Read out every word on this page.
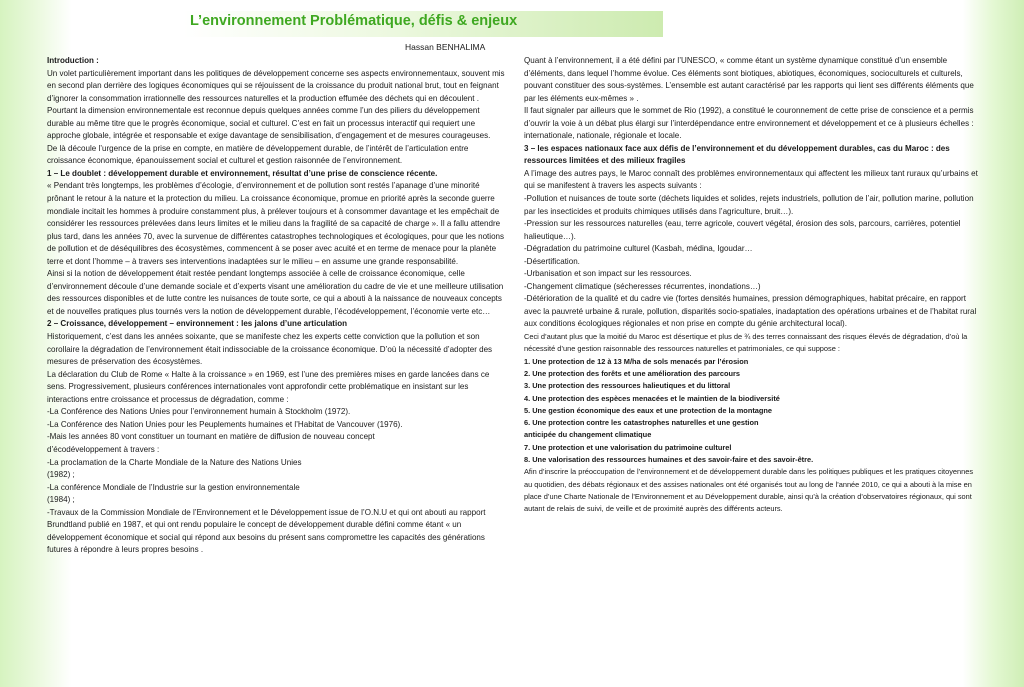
L’environnement Problématique, défis & enjeux
Hassan BENHALIMA

Introduction :

Un volet particulièrement important dans les politiques de développement concerne ses aspects environnementaux, souvent mis en second plan derrière des logiques économiques qui se réjouissent de la croissance du produit national brut, tout en feignant d’ignorer la consommation irrationnelle des ressources naturelles et la production effumée des déchets qui en découlent . Pourtant la dimension environnementale est reconnue depuis quelques années comme l’un des piliers du développement durable au même titre que le progrès économique, social et culturel. C’est en fait un processus interactif qui requiert une approche globale, intégrée et responsable et exige davantage de sensibilisation, d’engagement et de mesures courageuses.

De là découle l’urgence de la prise en compte, en matière de développement durable, de l’intérêt de l’articulation entre croissance économique, épanouissement social et culturel et gestion raisonnée de l’environnement.

1 – Le doublet : développement durable et environnement, résultat d’une prise de conscience récente.

« Pendant très longtemps, les problèmes d’écologie, d’environnement et de pollution sont restés l’apanage d’une minorité prônant le retour à la nature et la protection du milieu. La croissance économique, promue en priorité après la seconde guerre mondiale incitait les hommes à produire constamment plus, à prélever toujours et à consommer davantage et les empêchait de considérer les ressources prélevées dans leurs limites et le milieu dans la fragilité de sa capacité de charge ». Il a fallu attendre plus tard, dans les années 70, avec la survenue de différentes catastrophes technologiques et écologiques, pour que les notions de pollution et de déséquilibres des écosystèmes, commencent à se poser avec acuité et en terme de menace pour la planète terre et dont l’homme – à travers ses interventions inadaptées sur le milieu – en assume une grande responsabilité.

Ainsi si la notion de développement était restée pendant longtemps associée à celle de croissance économique, celle d’environnement découle d’une demande sociale et d’experts visant une amélioration du cadre de vie et une meilleure utilisation des ressources disponibles et de lutte contre les nuisances de toute sorte, ce qui a abouti à la naissance de nouveaux concepts et de nouvelles pratiques plus tournés vers la notion de développement durable, l’écodéveloppement, l’économie verte etc…

2 – Croissance, développement – environnement : les jalons d’une articulation

Historiquement, c’est dans les années soixante, que se manifeste chez les experts cette conviction que la pollution et son corollaire la dégradation de l’environnement était indissociable de la croissance économique. D’où la nécessité d’adopter des mesures de préservation des écosystèmes.

La déclaration du Club de Rome « Halte à la croissance » en 1969, est l’une des premières mises en garde lancées dans ce sens. Progressivement, plusieurs conférences internationales vont approfondir cette problématique en insistant sur les interactions entre croissance et processus de dégradation, comme :

-La Conférence des Nations Unies pour l’environnement humain à Stockholm (1972).

-La Conférence des Nation Unies pour les Peuplements humaines et l’Habitat de Vancouver (1976).

-Mais les années 80 vont constituer un tournant en matière de diffusion de nouveau concept

d’écodéveloppement à travers :

-La proclamation de la Charte Mondiale de la Nature des Nations Unies

(1982) ;

-La conférence Mondiale de l’Industrie sur la gestion environnementale

(1984) ;

-Travaux de la Commission Mondiale de l’Environnement et le Développement issue de l’O.N.U et qui ont abouti au rapport Brundtland publié en 1987, et qui ont rendu populaire le concept de développement durable défini comme étant « un développement économique et social qui répond aux besoins du présent sans compromettre les capacités des générations futures à répondre à leurs propres besoins .

Quant à l’environnement, il a été défini par l’UNESCO, « comme étant un système dynamique constitué d’un ensemble d’éléments, dans lequel l’homme évolue. Ces éléments sont biotiques, abiotiques, économiques, socioculturels et culturels, pouvant constituer des sous-systèmes. L’ensemble est autant caractérisé par les rapports qui lient ses différents éléments que par les éléments eux-mêmes » .

Il faut signaler par ailleurs que le sommet de Rio (1992), a constitué le couronnement de cette prise de conscience et a permis d’ouvrir la voie à un débat plus élargi sur l’interdépendance entre environnement et développement et ce à plusieurs échelles : internationale, nationale, régionale et locale.

3 – les espaces nationaux face aux défis de l’environnement et du développement durables, cas du Maroc : des ressources limitées et des milieux fragiles

A l’image des autres pays, le Maroc connaît des problèmes environnementaux qui affectent les milieux tant ruraux qu’urbains et qui se manifestent à travers les aspects suivants :

-Pollution et nuisances de toute sorte (déchets liquides et solides, rejets industriels, pollution de l’air, pollution marine, pollution par les insecticides et produits chimiques utilisés dans l’agriculture, bruit…).

-Pression sur les ressources naturelles (eau, terre agricole, couvert végétal, érosion des sols, parcours, carrières, potentiel halieutique…).

-Dégradation du patrimoine culturel (Kasbah, médina, Igoudar…

-Désertification.

-Urbanisation et son impact sur les ressources.

-Changement climatique (sécheresses récurrentes, inondations…)

-Détérioration de la qualité et du cadre vie (fortes densités humaines, pression démographiques, habitat précaire, en rapport avec la pauvreté urbaine & rurale, pollution, disparités socio-spatiales, inadaptation des opérations urbaines et de l’habitat rural aux conditions écologiques régionales et non prise en compte du génie architectural local).

Ceci d’autant plus que la moitié du Maroc est désertique et plus de ¾ des terres connaissant des risques élevés de dégradation, d’où la nécessité d’une gestion raisonnable des ressources naturelles et patrimoniales, ce qui suppose :

1. Une protection de 12 à 13 M/ha de sols menacés par l’érosion

2. Une protection des forêts et une amélioration des parcours

3. Une protection des ressources halieutiques et du littoral

4. Une protection des espèces menacées et le maintien de la biodiversité

5. Une gestion économique des eaux et une protection de la montagne

6. Une protection contre les catastrophes naturelles et une gestion

anticipée du changement climatique

7. Une protection et une valorisation du patrimoine culturel

8. Une valorisation des ressources humaines et des savoir-faire et des savoir-être.

Afin d’inscrire la préoccupation de l’environnement et de développement durable dans les politiques publiques et les pratiques citoyennes au quotidien, des débats régionaux et des assises nationales ont été organisés tout au long de l’année 2010, ce qui a abouti à la mise en place d’une Charte Nationale de l’Environnement et au Développement durable, ainsi qu’à la création d’observatoires régionaux, qui sont autant de relais de suivi, de veille et de proximité auprès des différents acteurs.
